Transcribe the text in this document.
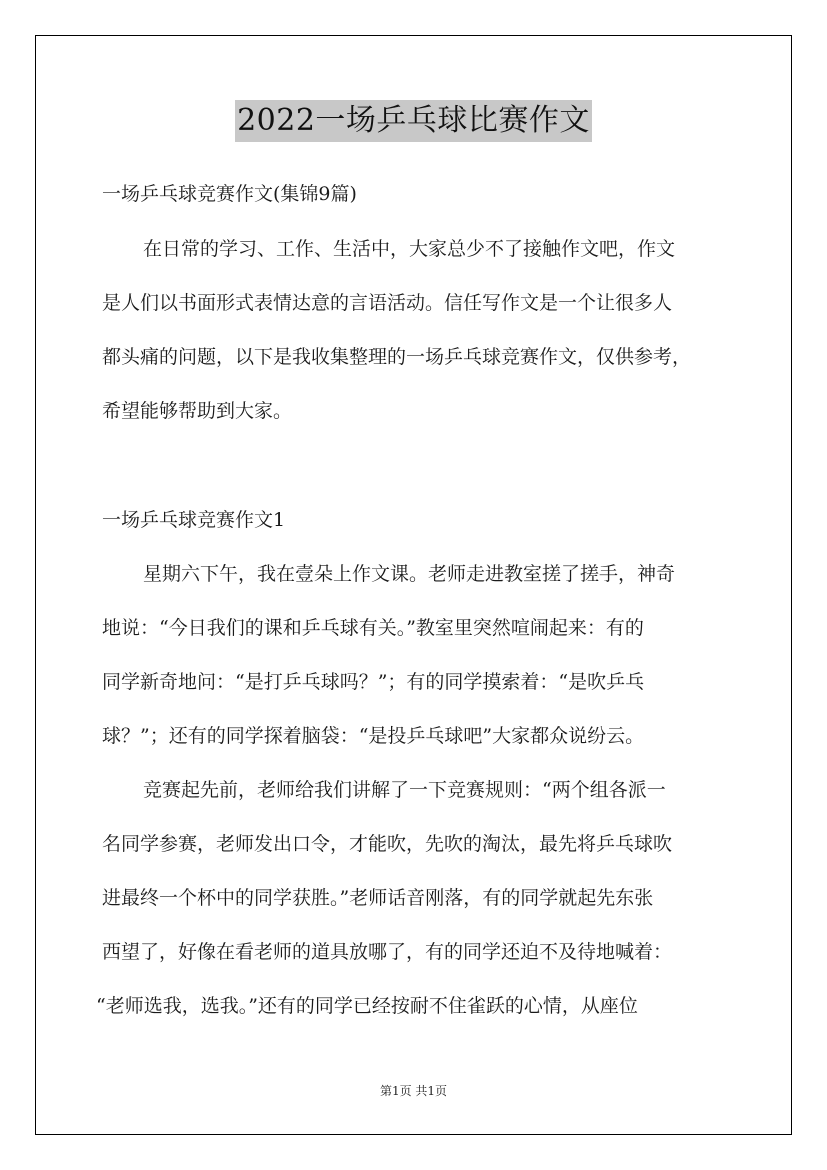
2022一场乒乓球比赛作文
一场乒乓球竞赛作文(集锦9篇)
在日常的学习、工作、生活中，大家总少不了接触作文吧，作文
是人们以书面形式表情达意的言语活动。信任写作文是一个让很多人
都头痛的问题，以下是我收集整理的一场乒乓球竞赛作文，仅供参考，
希望能够帮助到大家。
一场乒乓球竞赛作文1
星期六下午，我在壹朵上作文课。老师走进教室搓了搓手，神奇
地说：“今日我们的课和乒乓球有关。”教室里突然喧闹起来：有的
同学新奇地问：“是打乒乓球吗？”；有的同学摸索着：“是吹乒乓
球？”；还有的同学探着脑袋：“是投乒乓球吧”大家都众说纷云。
竞赛起先前，老师给我们讲解了一下竞赛规则：“两个组各派一
名同学参赛，老师发出口令，才能吹，先吹的淘汰，最先将乒乓球吹
进最终一个杯中的同学获胜。”老师话音刚落，有的同学就起先东张
西望了，好像在看老师的道具放哪了，有的同学还迫不及待地喊着：
“老师选我，选我。”还有的同学已经按耐不住雀跃的心情，从座位
第1页 共1页
